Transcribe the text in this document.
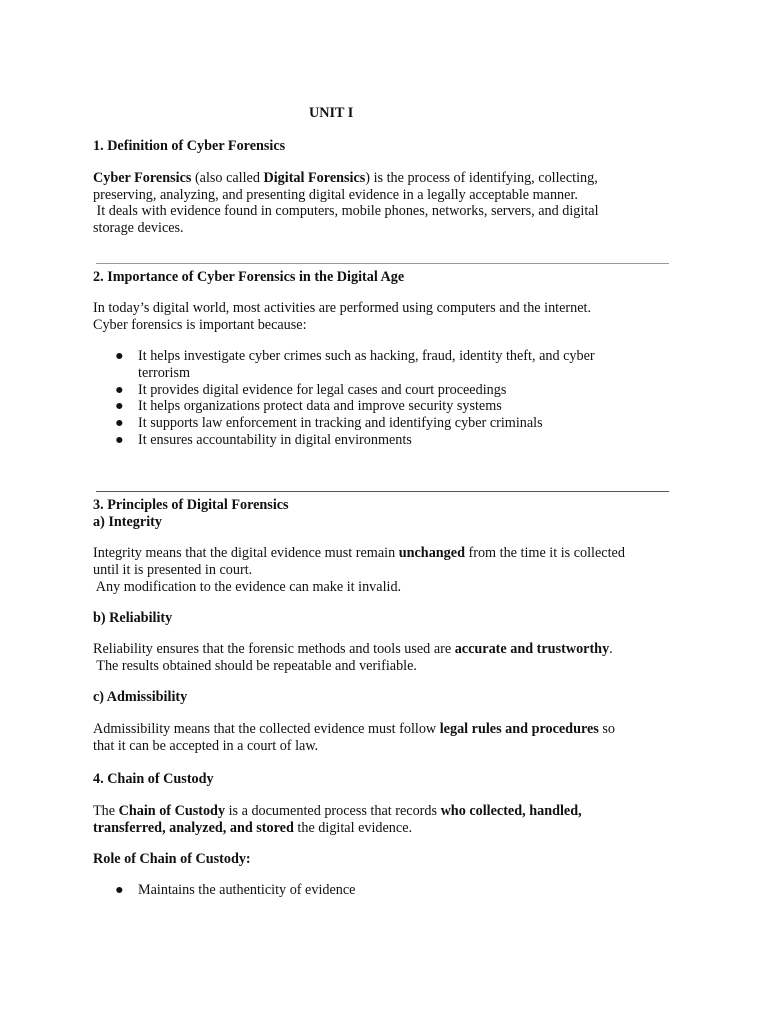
UNIT I
1. Definition of Cyber Forensics
Cyber Forensics (also called Digital Forensics) is the process of identifying, collecting,
preserving, analyzing, and presenting digital evidence in a legally acceptable manner.
It deals with evidence found in computers, mobile phones, networks, servers, and digital
storage devices.
2. Importance of Cyber Forensics in the Digital Age
In today’s digital world, most activities are performed using computers and the internet.
Cyber forensics is important because:
● It helps investigate cyber crimes such as hacking, fraud, identity theft, and cyber
terrorism
● It provides digital evidence for legal cases and court proceedings
● It helps organizations protect data and improve security systems
● It supports law enforcement in tracking and identifying cyber criminals
● It ensures accountability in digital environments
3. Principles of Digital Forensics
a) Integrity
Integrity means that the digital evidence must remain unchanged from the time it is collected
until it is presented in court.
Any modification to the evidence can make it invalid.
b) Reliability
Reliability ensures that the forensic methods and tools used are accurate and trustworthy.
The results obtained should be repeatable and verifiable.
c) Admissibility
Admissibility means that the collected evidence must follow legal rules and procedures so
that it can be accepted in a court of law.
4. Chain of Custody
The Chain of Custody is a documented process that records who collected, handled,
transferred, analyzed, and stored the digital evidence.
Role of Chain of Custody:
● Maintains the authenticity of evidence
